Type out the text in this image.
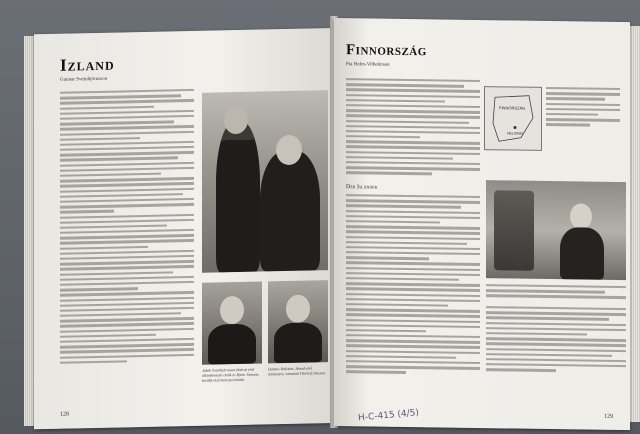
Izland
Gunnar Sveinbjörnsson
Jakob Sveinbjörnsson (balra) első államhivatali elnök és Björn Jónsson, később első miniszterelnöke.
Hannes Hafstein, Izland első minisztere, valamint Thorleif Jónsson.
128
Finnország
Pia Holm-Vilhelmsen
Der Isländer
FINNORSZÁG
HELSINKI
H-C-415 (4/5)	129
